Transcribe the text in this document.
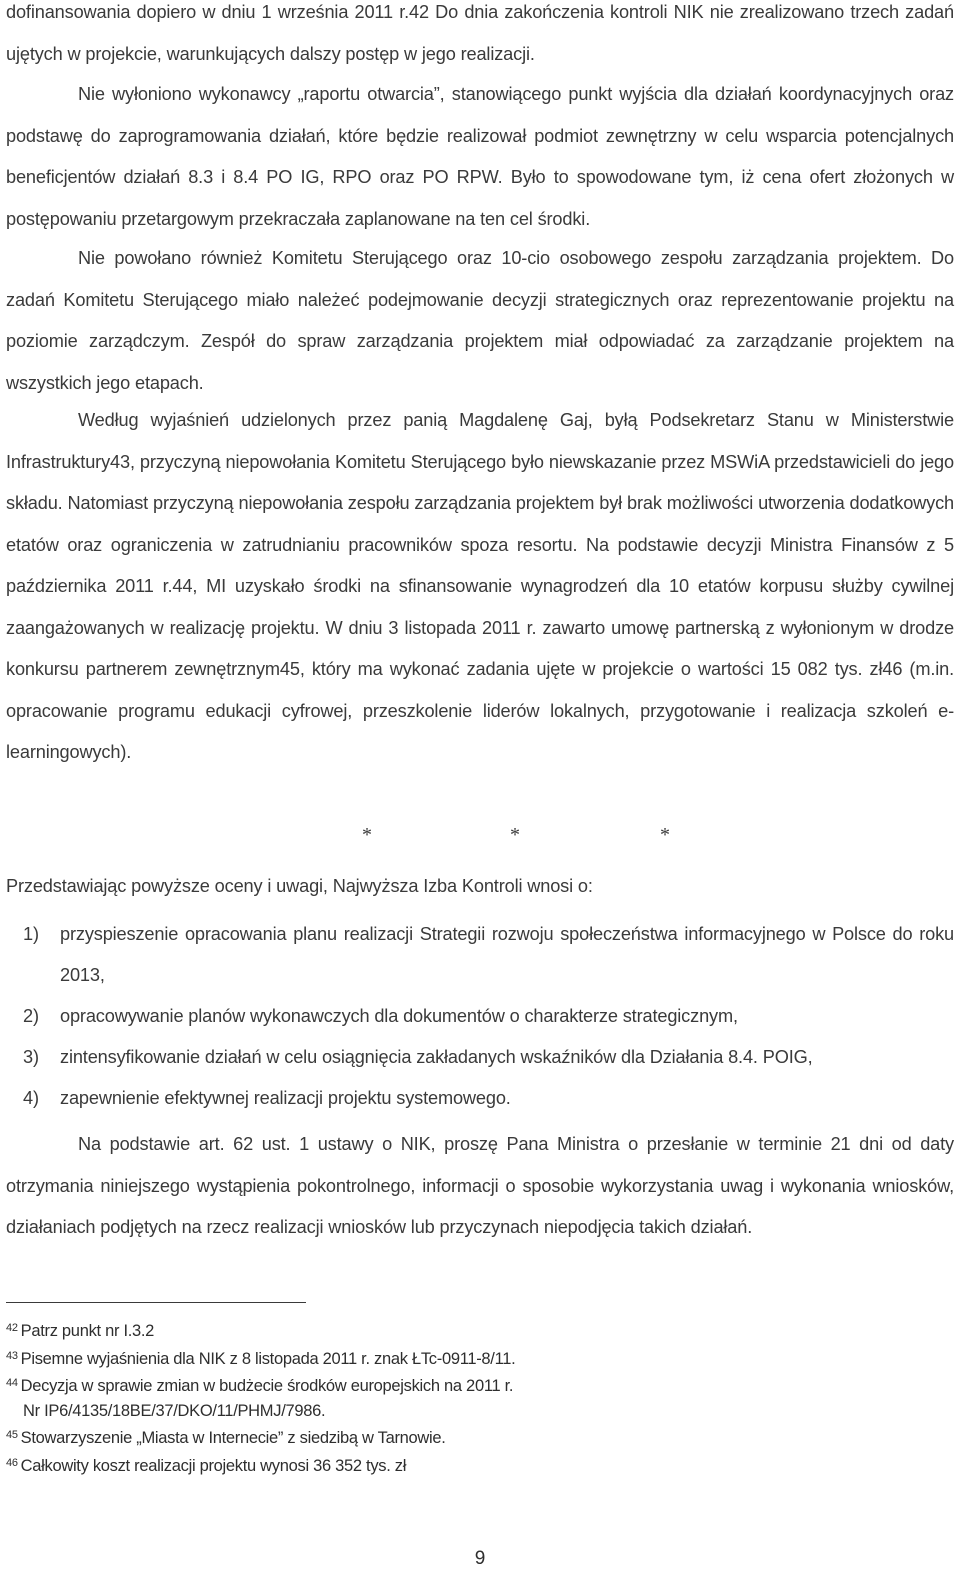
dofinansowania dopiero w dniu 1 września 2011 r.42 Do dnia zakończenia kontroli NIK nie zrealizowano trzech zadań ujętych w projekcie, warunkujących dalszy postęp w jego realizacji.

Nie wyłoniono wykonawcy „raportu otwarcia”, stanowiącego punkt wyjścia dla działań koordynacyjnych oraz podstawę do zaprogramowania działań, które będzie realizował podmiot zewnętrzny w celu wsparcia potencjalnych beneficjentów działań 8.3 i 8.4 PO IG, RPO oraz PO RPW. Było to spowodowane tym, iż cena ofert złożonych w postępowaniu przetargowym przekraczała zaplanowane na ten cel środki.

Nie powołano również Komitetu Sterującego oraz 10-cio osobowego zespołu zarządzania projektem. Do zadań Komitetu Sterującego miało należeć podejmowanie decyzji strategicznych oraz reprezentowanie projektu na poziomie zarządczym. Zespół do spraw zarządzania projektem miał odpowiadać za zarządzanie projektem na wszystkich jego etapach.

Według wyjaśnień udzielonych przez panią Magdalenę Gaj, byłą Podsekretarz Stanu w Ministerstwie Infrastruktury43, przyczyną niepowołania Komitetu Sterującego było niewskazanie przez MSWiA przedstawicieli do jego składu. Natomiast przyczyną niepowołania zespołu zarządzania projektem był brak możliwości utworzenia dodatkowych etatów oraz ograniczenia w zatrudnianiu pracowników spoza resortu. Na podstawie decyzji Ministra Finansów z 5 października 2011 r.44, MI uzyskało środki na sfinansowanie wynagrodzeń dla 10 etatów korpusu służby cywilnej zaangażowanych w realizację projektu. W dniu 3 listopada 2011 r. zawarto umowę partnerską z wyłonionym w drodze konkursu partnerem zewnętrznym45, który ma wykonać zadania ujęte w projekcie o wartości 15 082 tys. zł46 (m.in. opracowanie programu edukacji cyfrowej, przeszkolenie liderów lokalnych, przygotowanie i realizacja szkoleń e-learningowych).

*	*	*

Przedstawiając powyższe oceny i uwagi, Najwyższa Izba Kontroli wnosi o:

1) przyspieszenie opracowania planu realizacji Strategii rozwoju społeczeństwa informacyjnego w Polsce do roku 2013,
2) opracowywanie planów wykonawczych dla dokumentów o charakterze strategicznym,
3) zintensyfikowanie działań w celu osiągnięcia zakładanych wskaźników dla Działania 8.4. POIG,
4) zapewnienie efektywnej realizacji projektu systemowego.

Na podstawie art. 62 ust. 1 ustawy o NIK, proszę Pana Ministra o przesłanie w terminie 21 dni od daty otrzymania niniejszego wystąpienia pokontrolnego, informacji o sposobie wykorzystania uwag i wykonania wniosków, działaniach podjętych na rzecz realizacji wniosków lub przyczynach niepodjęcia takich działań.

$^{42}$ Patrz punkt nr I.3.2
$^{43}$ Pisemne wyjaśnienia dla NIK z 8 listopada 2011 r. znak ŁTc-0911-8/11.
$^{44}$ Decyzja w sprawie zmian w budżecie środków europejskich na 2011 r.
Nr IP6/4135/18BE/37/DKO/11/PHMJ/7986.
$^{45}$ Stowarzyszenie „Miasta w Internecie” z siedzibą w Tarnowie.
$^{46}$ Całkowity koszt realizacji projektu wynosi 36 352 tys. zł
9
